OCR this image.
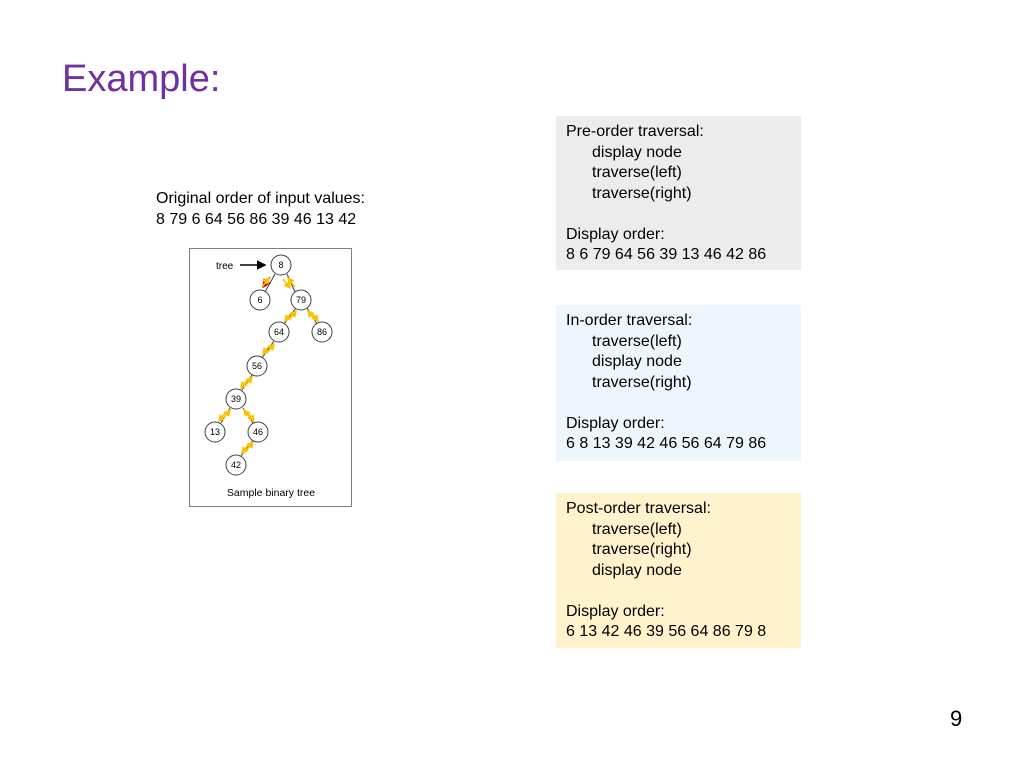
Example:
Original order of input values:
8 79 6 64 56 86 39 46 13 42
tree	8
6	79
64	86
56
39
13	46
42
Sample binary tree
Pre-order traversal:
display node
traverse(left)
traverse(right)
Display order:
8 6 79 64 56 39 13 46 42 86
In-order traversal:
traverse(left)
display node
traverse(right)
Display order:
6 8 13 39 42 46 56 64 79 86
Post-order traversal:
traverse(left)
traverse(right)
display node
Display order:
6 13 42 46 39 56 64 86 79 8
9
